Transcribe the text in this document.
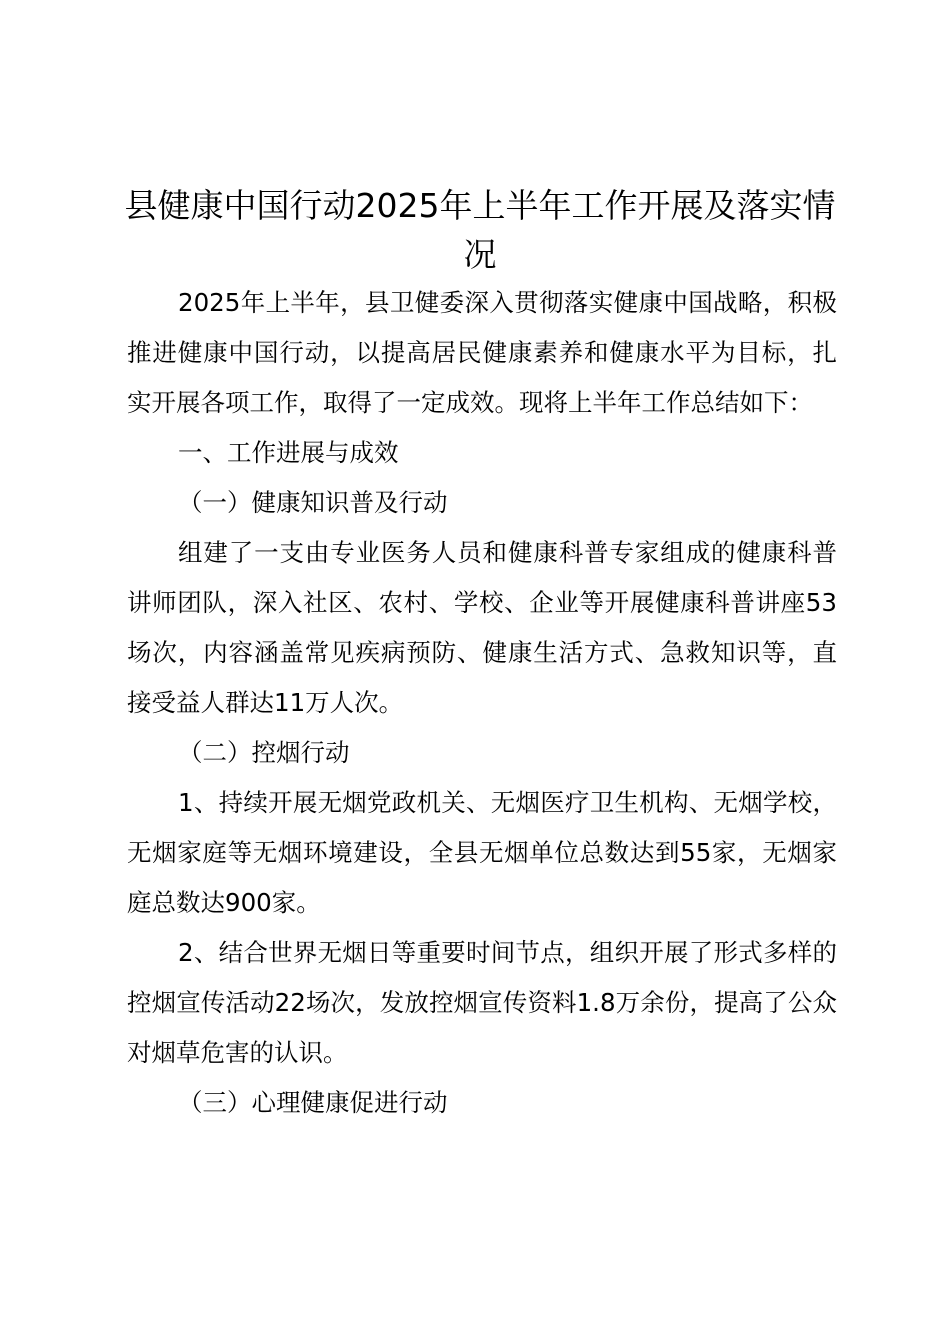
县健康中国行动2025年上半年工作开展及落实情况

2025年上半年，县卫健委深入贯彻落实健康中国战略，积极推进健康中国行动，以提高居民健康素养和健康水平为目标，扎实开展各项工作，取得了一定成效。现将上半年工作总结如下：

一、工作进展与成效

（一）健康知识普及行动

组建了一支由专业医务人员和健康科普专家组成的健康科普讲师团队，深入社区、农村、学校、企业等开展健康科普讲座53场次，内容涵盖常见疾病预防、健康生活方式、急救知识等，直接受益人群达11万人次。

（二）控烟行动

1、持续开展无烟党政机关、无烟医疗卫生机构、无烟学校，无烟家庭等无烟环境建设，全县无烟单位总数达到55家，无烟家庭总数达900家。

2、结合世界无烟日等重要时间节点，组织开展了形式多样的控烟宣传活动22场次，发放控烟宣传资料1.8万余份，提高了公众对烟草危害的认识。

（三）心理健康促进行动
